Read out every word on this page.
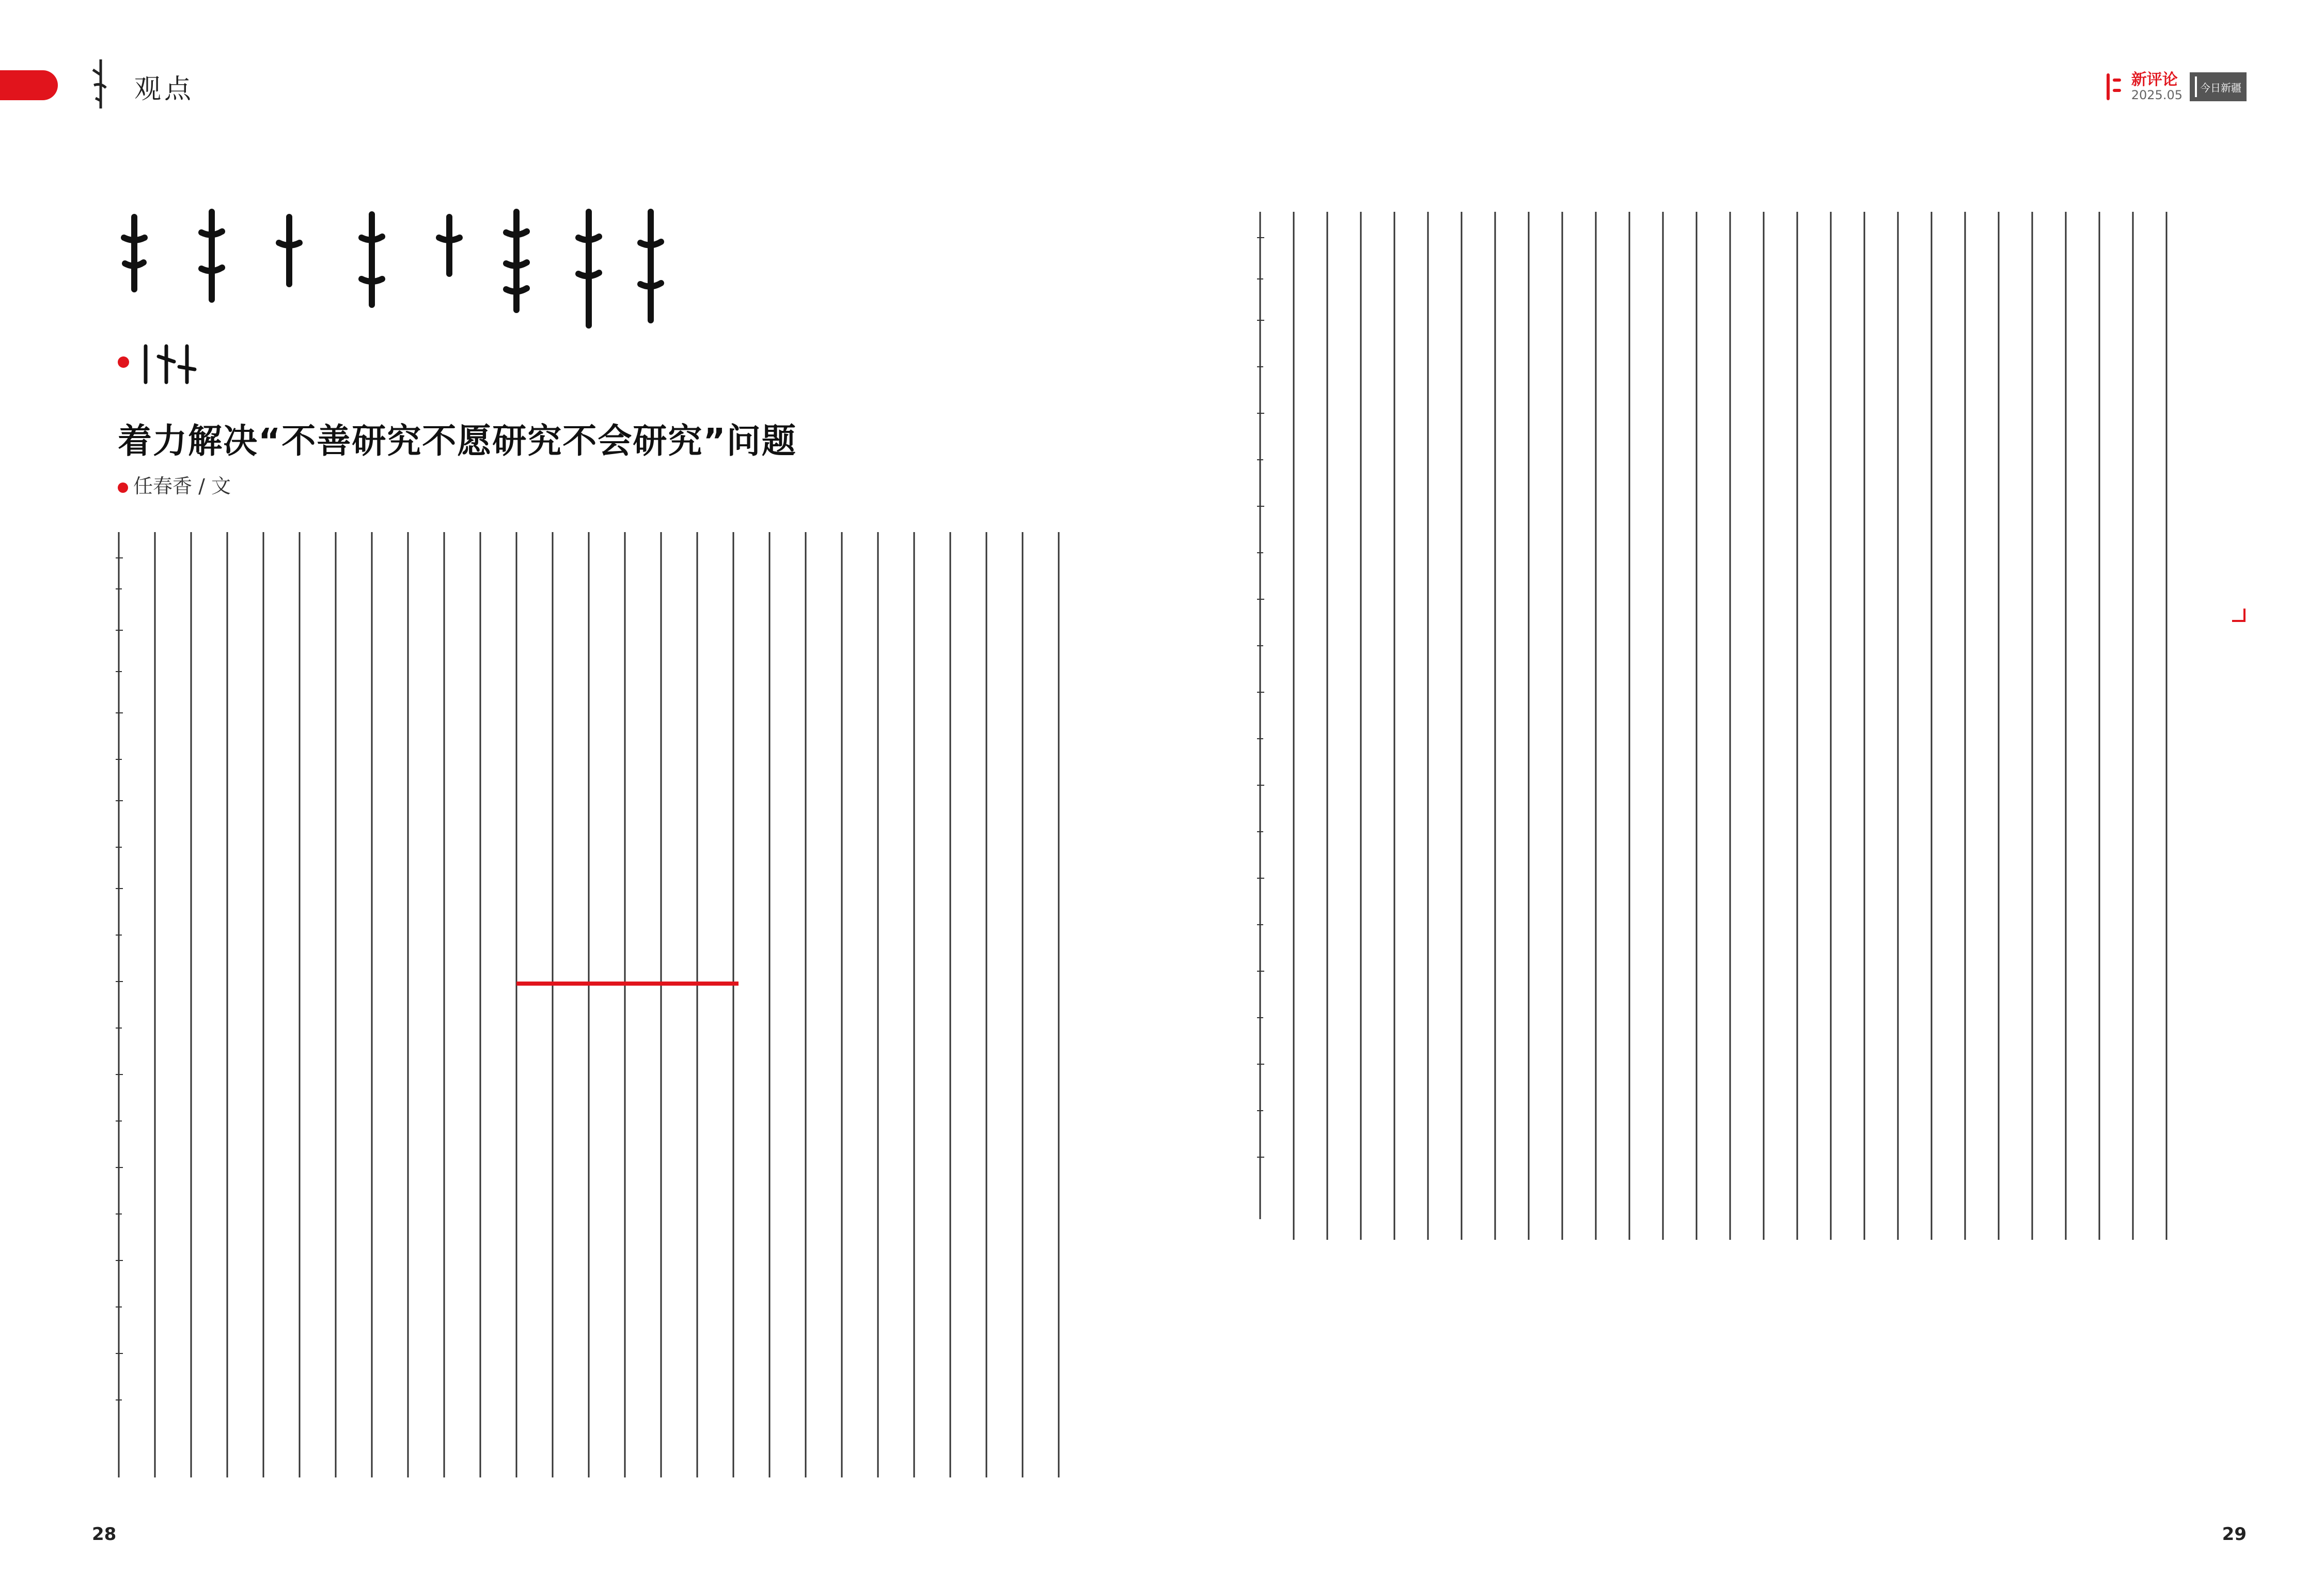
观点
着力解决“不善研究不愿研究不会研究”问题
任春香 / 文
28
新评论
2025.05
今日新疆
29
